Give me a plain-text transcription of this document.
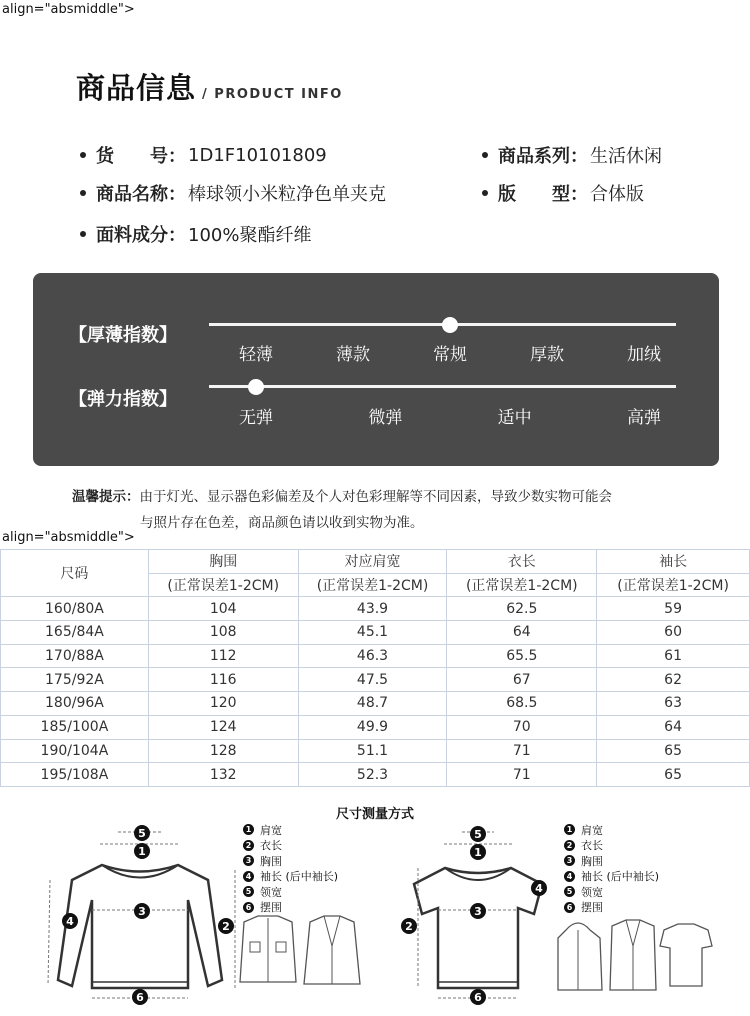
align="absmiddle">
商品信息 / PRODUCT INFO
货　　号： 1D1F10101809	商品系列： 生活休闲
商品名称： 棒球领小米粒净色单夹克	版　　型： 合体版
面料成分： 100%聚酯纤维
【厚薄指数】
轻薄	薄款	常规	厚款	加绒
【弹力指数】
无弹	微弹	适中	高弹
温馨提示：由于灯光、显示器色彩偏差及个人对色彩理解等不同因素，导致少数实物可能会
与照片存在色差，商品颜色请以收到实物为准。
align="absmiddle">
尺码	胸围	对应肩宽	衣长	袖长
	(正常误差1-2CM)	(正常误差1-2CM)	(正常误差1-2CM)	(正常误差1-2CM)
160/80A	104	43.9	62.5	59
165/84A	108	45.1	64	60
170/88A	112	46.3	65.5	61
175/92A	116	47.5	67	62
180/96A	120	48.7	68.5	63
185/100A	124	49.9	70	64
190/104A	128	51.1	71	65
195/108A	132	52.3	71	65
尺寸测量方式
5
1
3
4	2
6
1 肩宽
2 衣长
3 胸围
4 袖长 (后中袖长)
5 领宽
6 摆围
5
1
3
4
2
6
1 肩宽
2 衣长
3 胸围
4 袖长 (后中袖长)
5 领宽
6 摆围
